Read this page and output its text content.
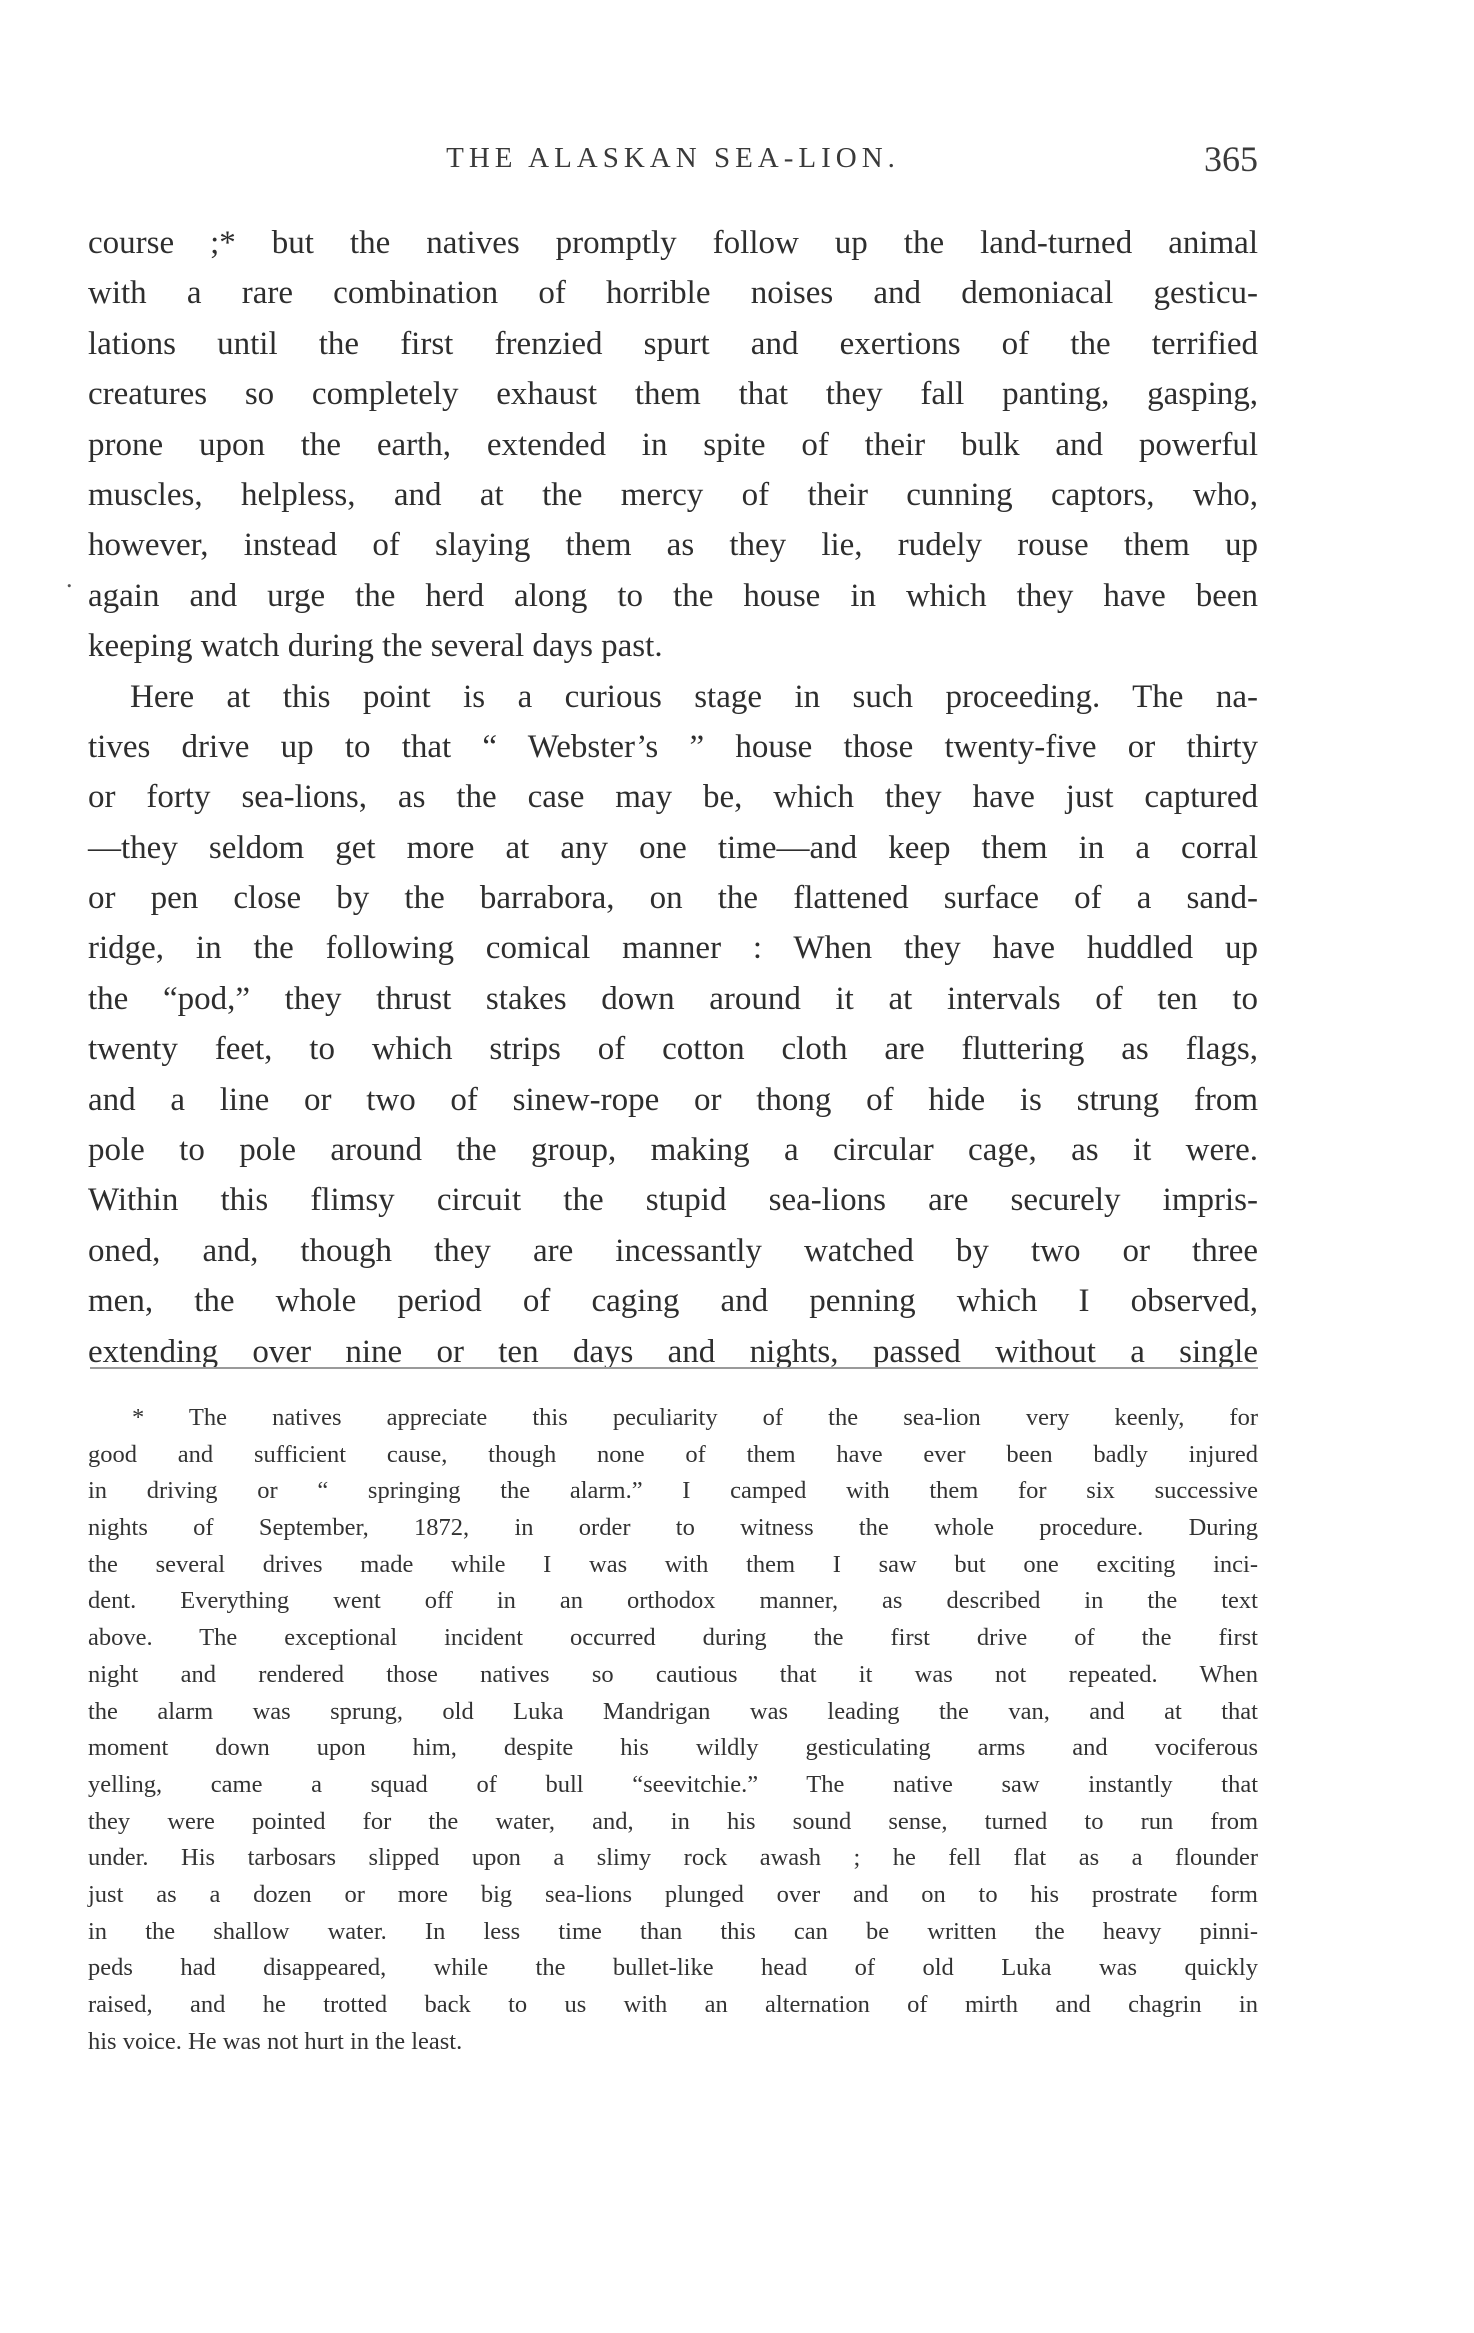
THE ALASKAN SEA-LION.	365
.
course ;* but the natives promptly follow up the land-turned animal
with a rare combination of horrible noises and demoniacal gesticu-
lations until the first frenzied spurt and exertions of the terrified
creatures so completely exhaust them that they fall panting, gasping,
prone upon the earth, extended in spite of their bulk and powerful
muscles, helpless, and at the mercy of their cunning captors, who,
however, instead of slaying them as they lie, rudely rouse them up
again and urge the herd along to the house in which they have been
keeping watch during the several days past.
Here at this point is a curious stage in such proceeding. The na-
tives drive up to that “ Webster’s ” house those twenty-five or thirty
or forty sea-lions, as the case may be, which they have just captured
—they seldom get more at any one time—and keep them in a corral
or pen close by the barrabora, on the flattened surface of a sand-
ridge, in the following comical manner : When they have huddled up
the “pod,” they thrust stakes down around it at intervals of ten to
twenty feet, to which strips of cotton cloth are fluttering as flags,
and a line or two of sinew-rope or thong of hide is strung from
pole to pole around the group, making a circular cage, as it were.
Within this flimsy circuit the stupid sea-lions are securely impris-
oned, and, though they are incessantly watched by two or three
men, the whole period of caging and penning which I observed,
extending over nine or ten days and nights, passed without a single
* The natives appreciate this peculiarity of the sea-lion very keenly, for
good and sufficient cause, though none of them have ever been badly injured
in driving or “ springing the alarm.” I camped with them for six successive
nights of September, 1872, in order to witness the whole procedure. During
the several drives made while I was with them I saw but one exciting inci-
dent. Everything went off in an orthodox manner, as described in the text
above. The exceptional incident occurred during the first drive of the first
night and rendered those natives so cautious that it was not repeated. When
the alarm was sprung, old Luka Mandrigan was leading the van, and at that
moment down upon him, despite his wildly gesticulating arms and vociferous
yelling, came a squad of bull “seevitchie.” The native saw instantly that
they were pointed for the water, and, in his sound sense, turned to run from
under. His tarbosars slipped upon a slimy rock awash ; he fell flat as a flounder
just as a dozen or more big sea-lions plunged over and on to his prostrate form
in the shallow water. In less time than this can be written the heavy pinni-
peds had disappeared, while the bullet-like head of old Luka was quickly
raised, and he trotted back to us with an alternation of mirth and chagrin in
his voice. He was not hurt in the least.
